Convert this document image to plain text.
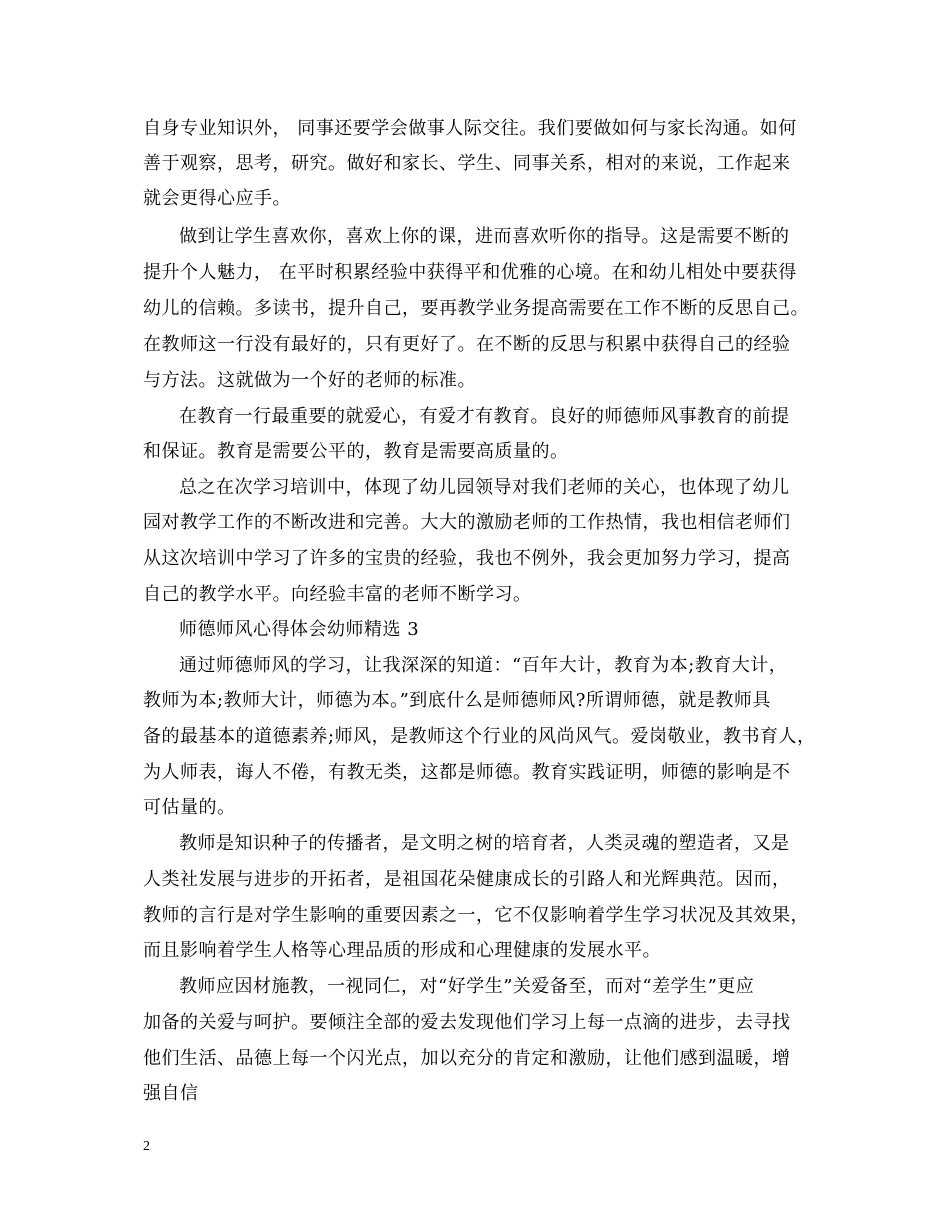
自身专业知识外， 同事还要学会做事人际交往。我们要做如何与家长沟通。如何
善于观察，思考，研究。做好和家长、学生、同事关系，相对的来说，工作起来
就会更得心应手。
做到让学生喜欢你，喜欢上你的课，进而喜欢听你的指导。这是需要不断的
提升个人魅力， 在平时积累经验中获得平和优雅的心境。在和幼儿相处中要获得
幼儿的信赖。多读书，提升自己，要再教学业务提高需要在工作不断的反思自己。
在教师这一行没有最好的，只有更好了。在不断的反思与积累中获得自己的经验
与方法。这就做为一个好的老师的标准。
在教育一行最重要的就爱心，有爱才有教育。良好的师德师风事教育的前提
和保证。教育是需要公平的，教育是需要高质量的。
总之在次学习培训中，体现了幼儿园领导对我们老师的关心，也体现了幼儿
园对教学工作的不断改进和完善。大大的激励老师的工作热情，我也相信老师们
从这次培训中学习了许多的宝贵的经验，我也不例外，我会更加努力学习，提高
自己的教学水平。向经验丰富的老师不断学习。
师德师风心得体会幼师精选 3
通过师德师风的学习，让我深深的知道：“百年大计，教育为本;教育大计，
教师为本;教师大计，师德为本。”到底什么是师德师风?所谓师德，就是教师具
备的最基本的道德素养;师风，是教师这个行业的风尚风气。爱岗敬业，教书育人，
为人师表，诲人不倦，有教无类，这都是师德。教育实践证明，师德的影响是不
可估量的。
教师是知识种子的传播者，是文明之树的培育者，人类灵魂的塑造者，又是
人类社发展与进步的开拓者，是祖国花朵健康成长的引路人和光辉典范。因而，
教师的言行是对学生影响的重要因素之一，它不仅影响着学生学习状况及其效果，
而且影响着学生人格等心理品质的形成和心理健康的发展水平。
教师应因材施教，一视同仁，对“好学生”关爱备至，而对“差学生”更应
加备的关爱与呵护。要倾注全部的爱去发现他们学习上每一点滴的进步，去寻找
他们生活、品德上每一个闪光点，加以充分的肯定和激励，让他们感到温暖，增
强自信
2
